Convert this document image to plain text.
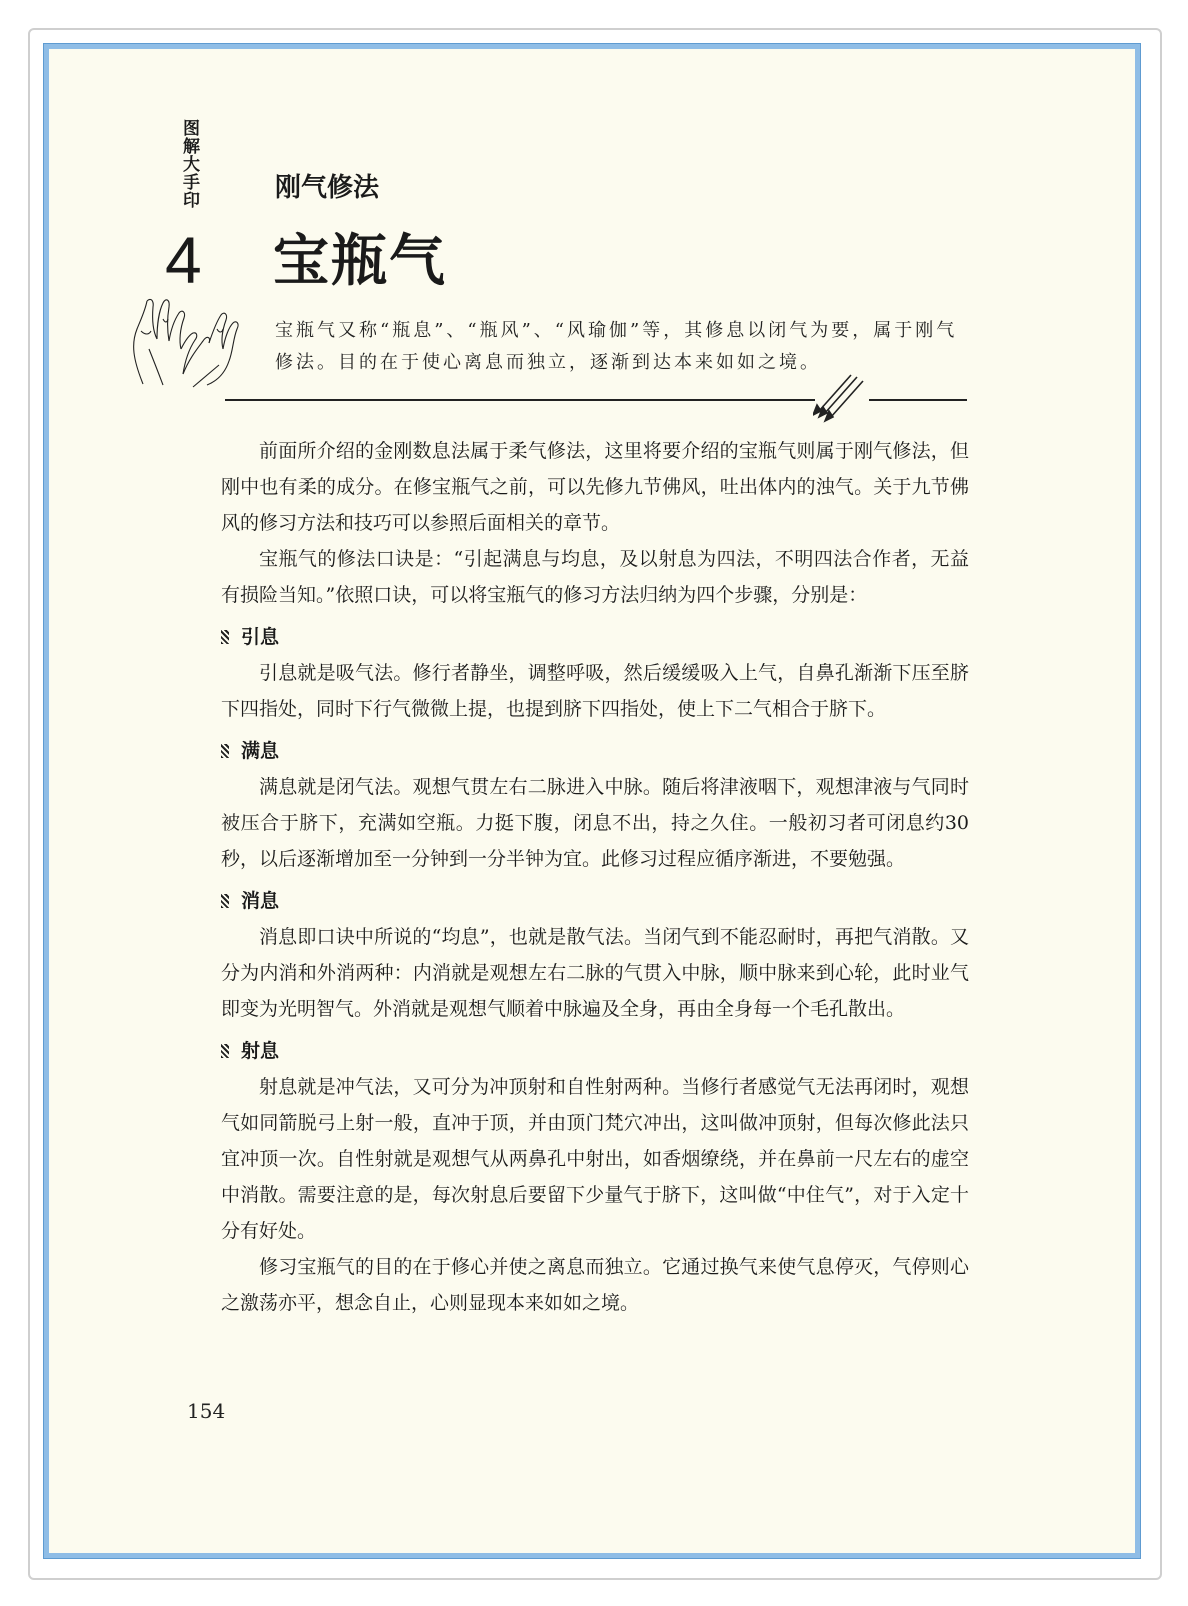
图解大手印
4
刚气修法
宝瓶气
宝瓶气又称“瓶息”、“瓶风”、“风瑜伽”等，其修息以闭气为要，属于刚气修法。目的在于使心离息而独立，逐渐到达本来如如之境。

前面所介绍的金刚数息法属于柔气修法，这里将要介绍的宝瓶气则属于刚气修法，但刚中也有柔的成分。在修宝瓶气之前，可以先修九节佛风，吐出体内的浊气。关于九节佛风的修习方法和技巧可以参照后面相关的章节。

宝瓶气的修法口诀是：“引起满息与均息，及以射息为四法，不明四法合作者，无益有损险当知。”依照口诀，可以将宝瓶气的修习方法归纳为四个步骤，分别是：

引息

引息就是吸气法。修行者静坐，调整呼吸，然后缓缓吸入上气，自鼻孔渐渐下压至脐下四指处，同时下行气微微上提，也提到脐下四指处，使上下二气相合于脐下。

满息

满息就是闭气法。观想气贯左右二脉进入中脉。随后将津液咽下，观想津液与气同时被压合于脐下，充满如空瓶。力挺下腹，闭息不出，持之久住。一般初习者可闭息约30秒，以后逐渐增加至一分钟到一分半钟为宜。此修习过程应循序渐进，不要勉强。

消息

消息即口诀中所说的“均息”，也就是散气法。当闭气到不能忍耐时，再把气消散。又分为内消和外消两种：内消就是观想左右二脉的气贯入中脉，顺中脉来到心轮，此时业气即变为光明智气。外消就是观想气顺着中脉遍及全身，再由全身每一个毛孔散出。

射息

射息就是冲气法，又可分为冲顶射和自性射两种。当修行者感觉气无法再闭时，观想气如同箭脱弓上射一般，直冲于顶，并由顶门梵穴冲出，这叫做冲顶射，但每次修此法只宜冲顶一次。自性射就是观想气从两鼻孔中射出，如香烟缭绕，并在鼻前一尺左右的虚空中消散。需要注意的是，每次射息后要留下少量气于脐下，这叫做“中住气”，对于入定十分有好处。

修习宝瓶气的目的在于修心并使之离息而独立。它通过换气来使气息停灭，气停则心之激荡亦平，想念自止，心则显现本来如如之境。

154
